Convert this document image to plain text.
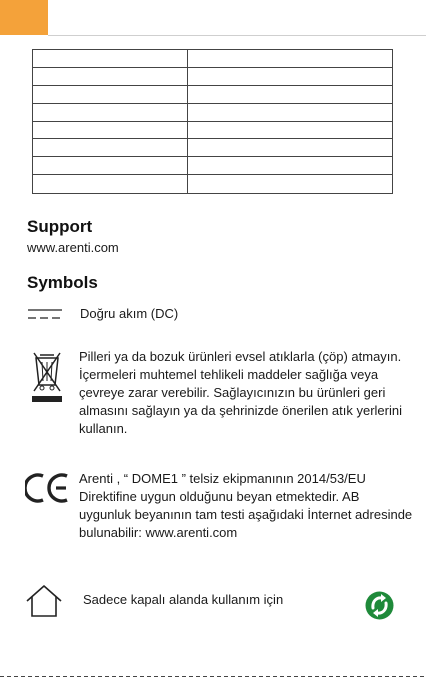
Support
www.arenti.com
Symbols
Doğru akım (DC)
Pilleri ya da bozuk ürünleri evsel atıklarla (çöp) atmayın. İçermeleri muhtemel tehlikeli maddeler sağlığa veya çevreye zarar verebilir. Sağlayıcınızın bu ürünleri geri almasını sağlayın ya da şehrinizde önerilen atık yerlerini kullanın.
Arenti , “ DOME1 ” telsiz ekipmanının 2014/53/EU Direktifine uygun olduğunu beyan etmektedir. AB uygunluk beyanının tam testi aşağıdaki İnternet adresinde bulunabilir: www.arenti.com
Sadece kapalı alanda kullanım için
